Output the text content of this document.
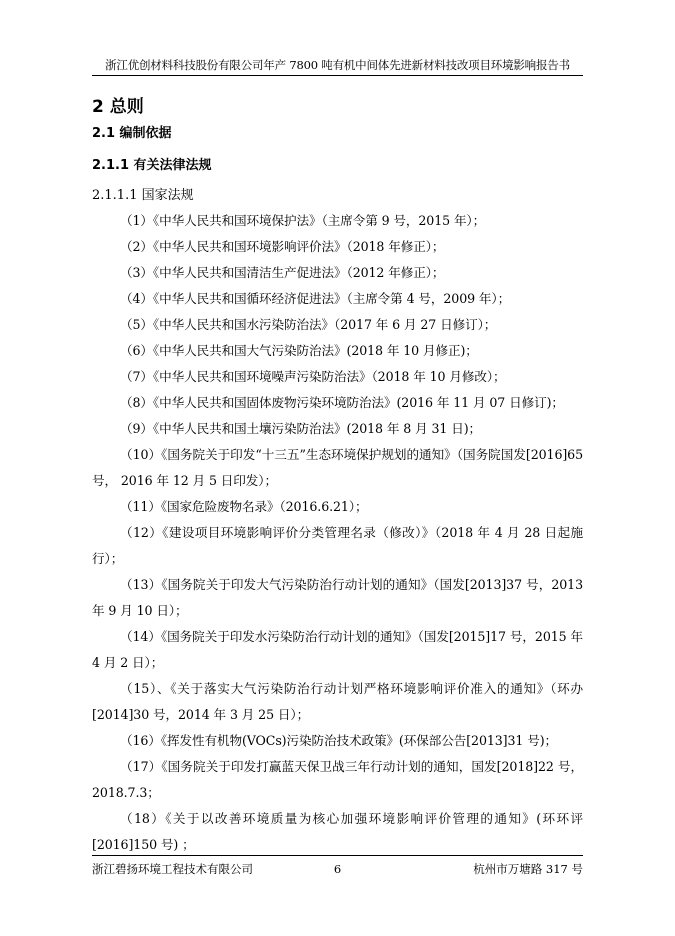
浙江优创材料科技股份有限公司年产 7800 吨有机中间体先进新材料技改项目环境影响报告书
2 总则
2.1 编制依据
2.1.1 有关法律法规
2.1.1.1 国家法规
（1）《中华人民共和国环境保护法》（主席令第 9 号，2015 年）；
（2）《中华人民共和国环境影响评价法》（2018 年修正）；
（3）《中华人民共和国清洁生产促进法》（2012 年修正）；
（4）《中华人民共和国循环经济促进法》（主席令第 4 号，2009 年）；
（5）《中华人民共和国水污染防治法》（2017 年 6 月 27 日修订）；
（6）《中华人民共和国大气污染防治法》(2018 年 10 月修正)；
（7）《中华人民共和国环境噪声污染防治法》（2018 年 10 月修改）；
（8）《中华人民共和国固体废物污染环境防治法》(2016 年 11 月 07 日修订)；
（9）《中华人民共和国土壤污染防治法》(2018 年 8 月 31 日)；
（10）《国务院关于印发“十三五”生态环境保护规划的通知》（国务院国发[2016]65 号， 2016 年 12 月 5 日印发）；
（11）《国家危险废物名录》（2016.6.21）；
（12）《建设项目环境影响评价分类管理名录（修改）》（2018 年 4 月 28 日起施行）；
（13）《国务院关于印发大气污染防治行动计划的通知》（国发[2013]37 号，2013 年 9 月 10 日）；
（14）《国务院关于印发水污染防治行动计划的通知》（国发[2015]17 号，2015 年 4 月 2 日）；
（15）、《关于落实大气污染防治行动计划严格环境影响评价准入的通知》（环办[2014]30 号，2014 年 3 月 25 日）；
（16）《挥发性有机物(VOCs)污染防治技术政策》(环保部公告[2013]31 号)；
（17）《国务院关于印发打赢蓝天保卫战三年行动计划的通知，国发[2018]22 号，2018.7.3；
（18）《关于以改善环境质量为核心加强环境影响评价管理的通知》(环环评[2016]150 号) ；
浙江碧扬环境工程技术有限公司	6	杭州市万塘路 317 号
